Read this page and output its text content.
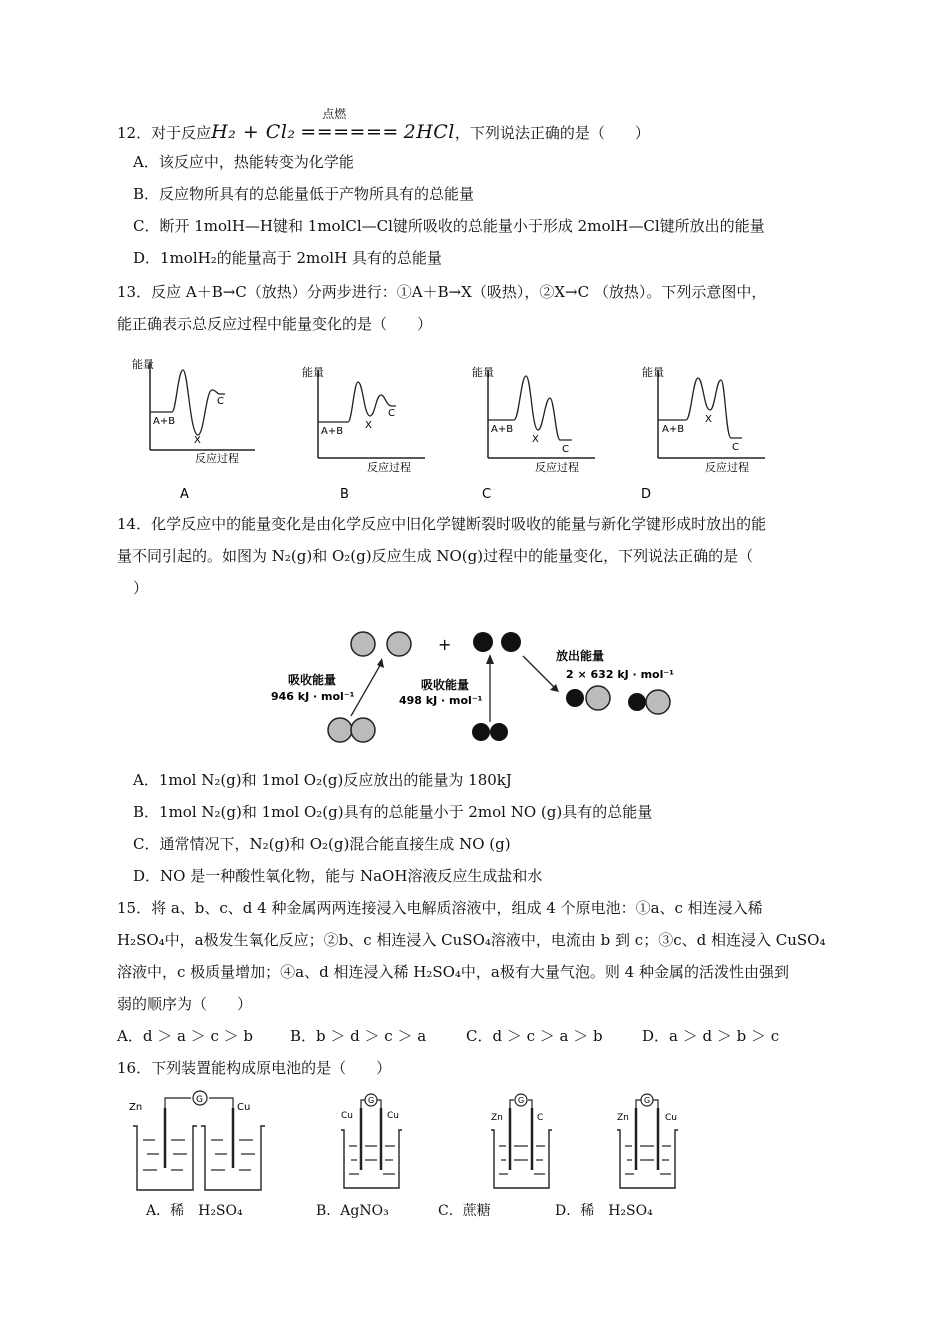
12．对于反应H₂ + Cl₂
点燃
====== 2HCl，下列说法正确的是（　　）
A．该反应中，热能转变为化学能
B．反应物所具有的总能量低于产物所具有的总能量
C．断开 1molH—H键和 1molCl—Cl键所吸收的总能量小于形成 2molH—Cl键所放出的能量
D．1molH₂的能量高于 2molH 具有的总能量
13．反应 A＋B→C（放热）分两步进行：①A＋B→X（吸热），②X→C （放热）。下列示意图中，
能正确表示总反应过程中能量变化的是（　　）
能量
反应过程
A+B
X
C
能量
反应过程
A+B
X
C
能量
反应过程
A+B
X
C
能量
反应过程
A+B
X
C
A	B	C	D
14．化学反应中的能量变化是由化学反应中旧化学键断裂时吸收的能量与新化学键形成时放出的能
量不同引起的。如图为 N₂(g)和 O₂(g)反应生成 NO(g)过程中的能量变化，下列说法正确的是（
　）
+
吸收能量
946 kJ · mol⁻¹
吸收能量
498 kJ · mol⁻¹
放出能量
2 × 632 kJ · mol⁻¹
A．1mol N₂(g)和 1mol O₂(g)反应放出的能量为 180kJ
B．1mol N₂(g)和 1mol O₂(g)具有的总能量小于 2mol NO (g)具有的总能量
C．通常情况下，N₂(g)和 O₂(g)混合能直接生成 NO (g)
D．NO 是一种酸性氧化物，能与 NaOH溶液反应生成盐和水
15．将 a、b、c、d 4 种金属两两连接浸入电解质溶液中，组成 4 个原电池：①a、c 相连浸入稀
H₂SO₄中，a极发生氧化反应；②b、c 相连浸入 CuSO₄溶液中，电流由 b 到 c；③c、d 相连浸入 CuSO₄
溶液中，c 极质量增加；④a、d 相连浸入稀 H₂SO₄中，a极有大量气泡。则 4 种金属的活泼性由强到
弱的顺序为（　　）
A．d ＞ a ＞ c ＞ b B．b ＞ d ＞ c ＞ a	C．d ＞ c ＞ a ＞ b	D．a ＞ d ＞ b ＞ c
16．下列装置能构成原电池的是（　　）
Zn	Cu
G
Cu	Cu
G
Zn	C
G
Zn	Cu
G
A．稀　H₂SO₄	B．AgNO₃	C．蔗糖	D．稀　H₂SO₄
